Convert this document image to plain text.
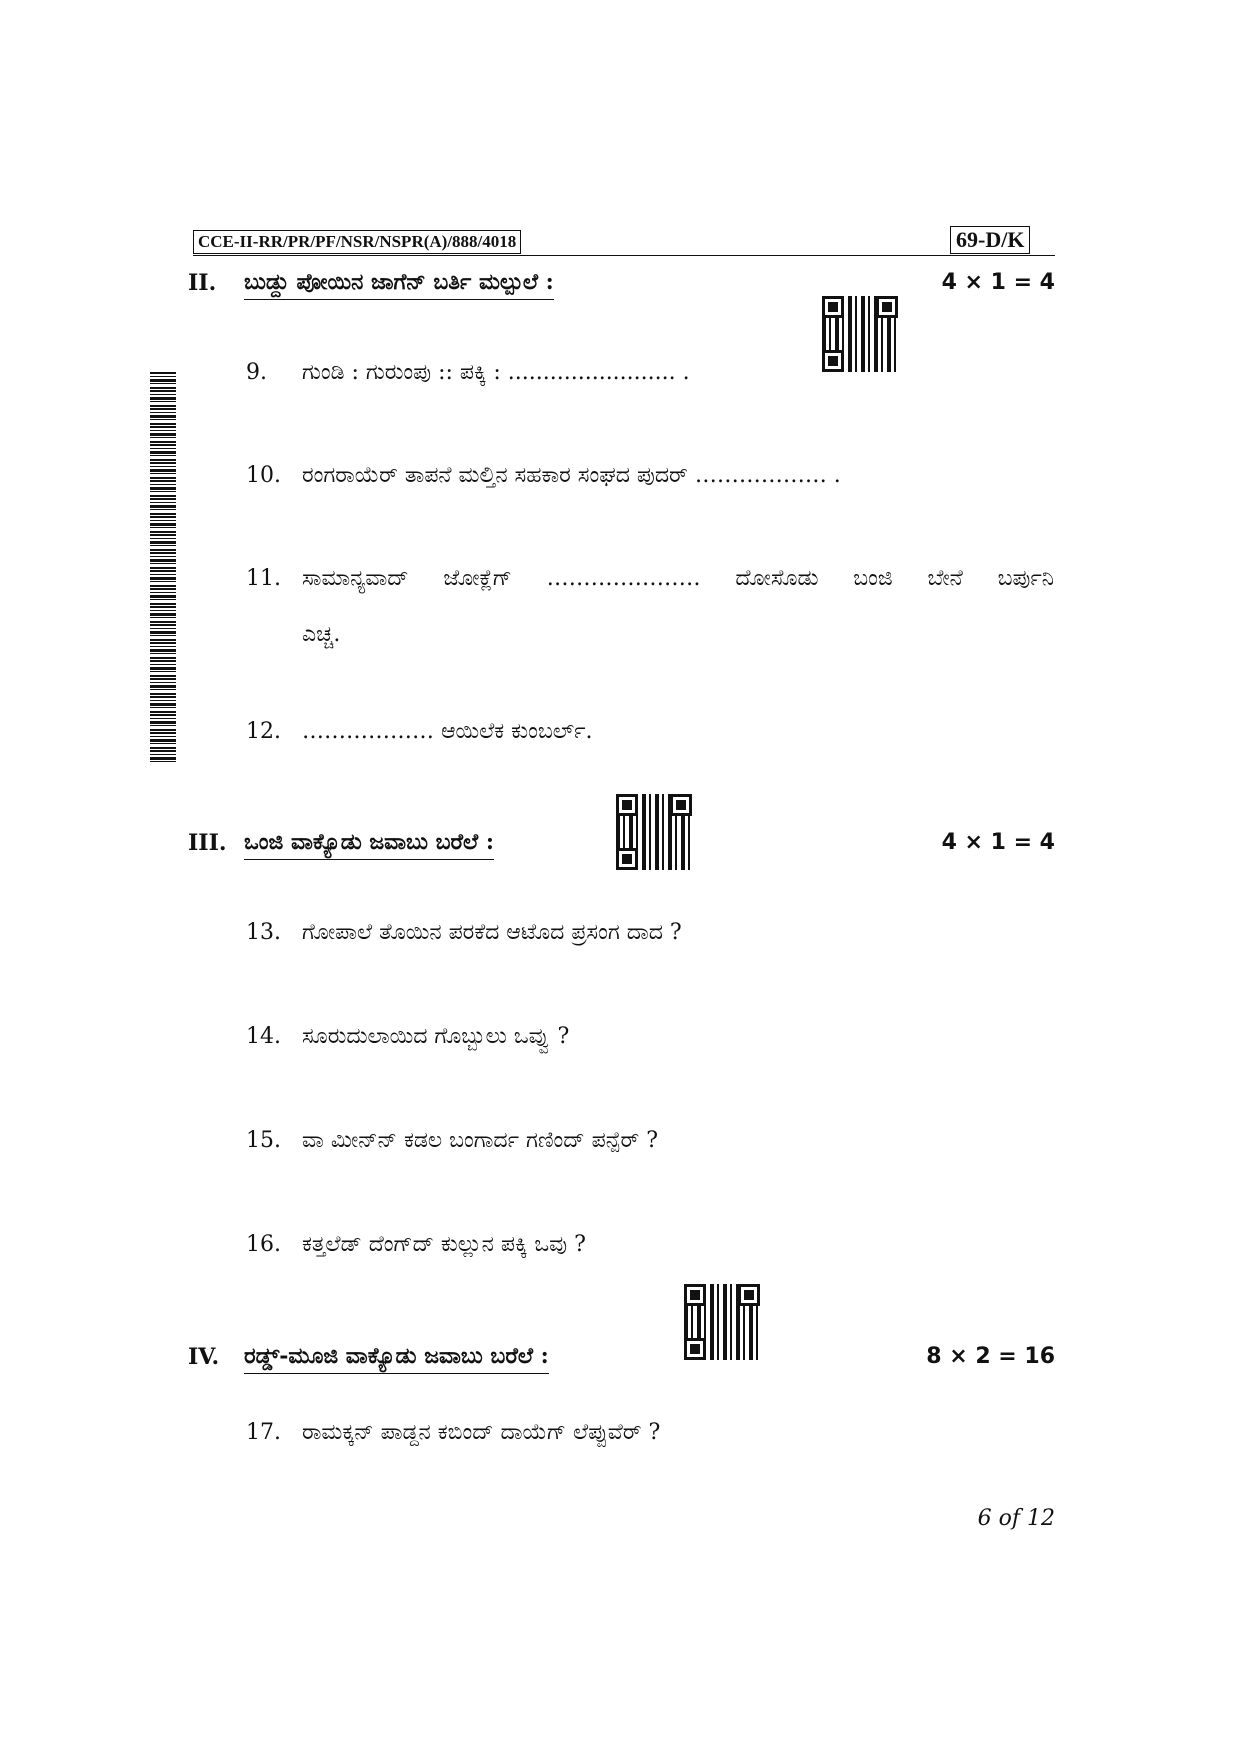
CCE-II-RR/PR/PF/NSR/NSPR(A)/888/4018	69-D/K
II. ಬುಡ್ದು ಪೋಯಿನ ಜಾಗೆನ್ ಬರ್ತಿ ಮಲ್ಪುಲೆ :	4 × 1 = 4
9.	ಗುಂಡಿ : ಗುರುಂಪು :: ಪಕ್ಕಿ : ........................ .
10. ರಂಗರಾಯೆರ್ ತಾಪನೆ ಮಲ್ತಿನ ಸಹಕಾರ ಸಂಘದ ಪುದರ್ ……………… .
11. ಸಾಮಾನ್ಯವಾದ್ ಜೋಕ್ಲೆಗ್ ………………… ದೋಸೊಡು ಬಂಜಿ ಬೇನೆ ಬರ್ಪುನಿ
ಎಚ್ಚ.
12. ……………… ಆಯಿಲೆಕ ಕುಂಬರ್ಲ್.
III. ಒಂಜಿ ವಾಕ್ಯೊಡು ಜವಾಬು ಬರೆಲೆ :	4 × 1 = 4
13. ಗೋಪಾಲೆ ತೊಯಿನ ಪರಕೆದ ಆಟೊದ ಪ್ರಸಂಗ ದಾದ ?
14. ಸೂರುದುಲಾಯಿದ ಗೊಬ್ಬುಲು ಒವ್ವು ?
15. ವಾ ಮೀನ್‌ನ್ ಕಡಲ ಬಂಗಾರ್ದ ಗಣಿಂದ್ ಪನ್ಪೆರ್ ?
16. ಕತ್ತಲೆಡ್ ದೆಂಗ್‌ದ್ ಕುಲ್ಲುನ ಪಕ್ಕಿ ಒವು ?
IV. ರಡ್ಡ್-ಮೂಜಿ ವಾಕ್ಯೊಡು ಜವಾಬು ಬರೆಲೆ :	8 × 2 = 16
17. ರಾಮಕ್ಕನ್ ಪಾಡ್ದನ ಕಬಿಂದ್ ದಾಯೆಗ್ ಲೆಪ್ಪುವೆರ್ ?
6 of 12
